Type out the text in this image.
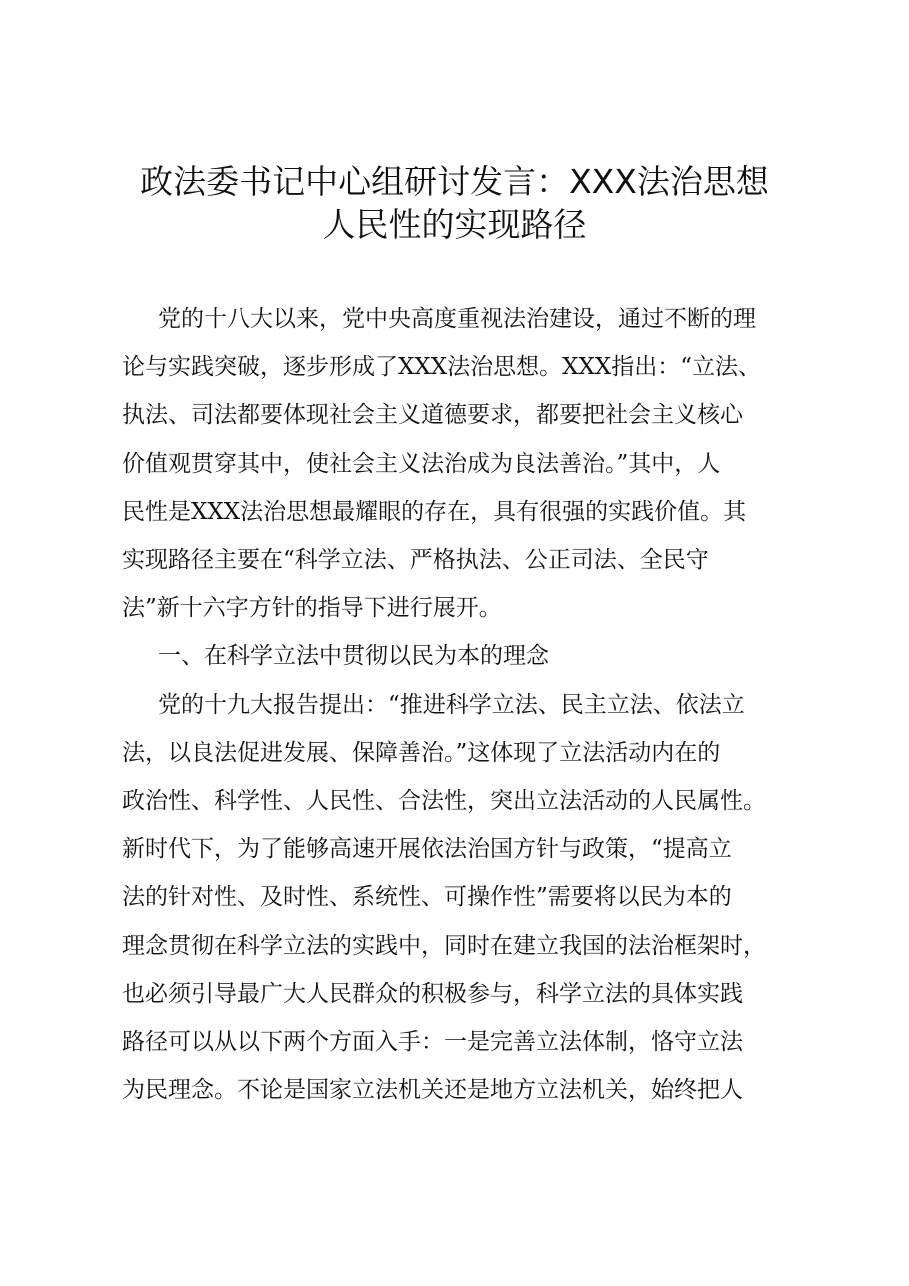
政法委书记中心组研讨发言：XXX法治思想
人民性的实现路径
党的十八大以来，党中央高度重视法治建设，通过不断的理
论与实践突破，逐步形成了XXX法治思想。XXX指出：“立法、
执法、司法都要体现社会主义道德要求，都要把社会主义核心
价值观贯穿其中，使社会主义法治成为良法善治。”其中，人
民性是XXX法治思想最耀眼的存在，具有很强的实践价值。其
实现路径主要在“科学立法、严格执法、公正司法、全民守
法”新十六字方针的指导下进行展开。
一、在科学立法中贯彻以民为本的理念
党的十九大报告提出：“推进科学立法、民主立法、依法立
法，以良法促进发展、保障善治。”这体现了立法活动内在的
政治性、科学性、人民性、合法性，突出立法活动的人民属性。
新时代下，为了能够高速开展依法治国方针与政策，“提高立
法的针对性、及时性、系统性、可操作性”需要将以民为本的
理念贯彻在科学立法的实践中，同时在建立我国的法治框架时，
也必须引导最广大人民群众的积极参与，科学立法的具体实践
路径可以从以下两个方面入手：一是完善立法体制，恪守立法
为民理念。不论是国家立法机关还是地方立法机关，始终把人
